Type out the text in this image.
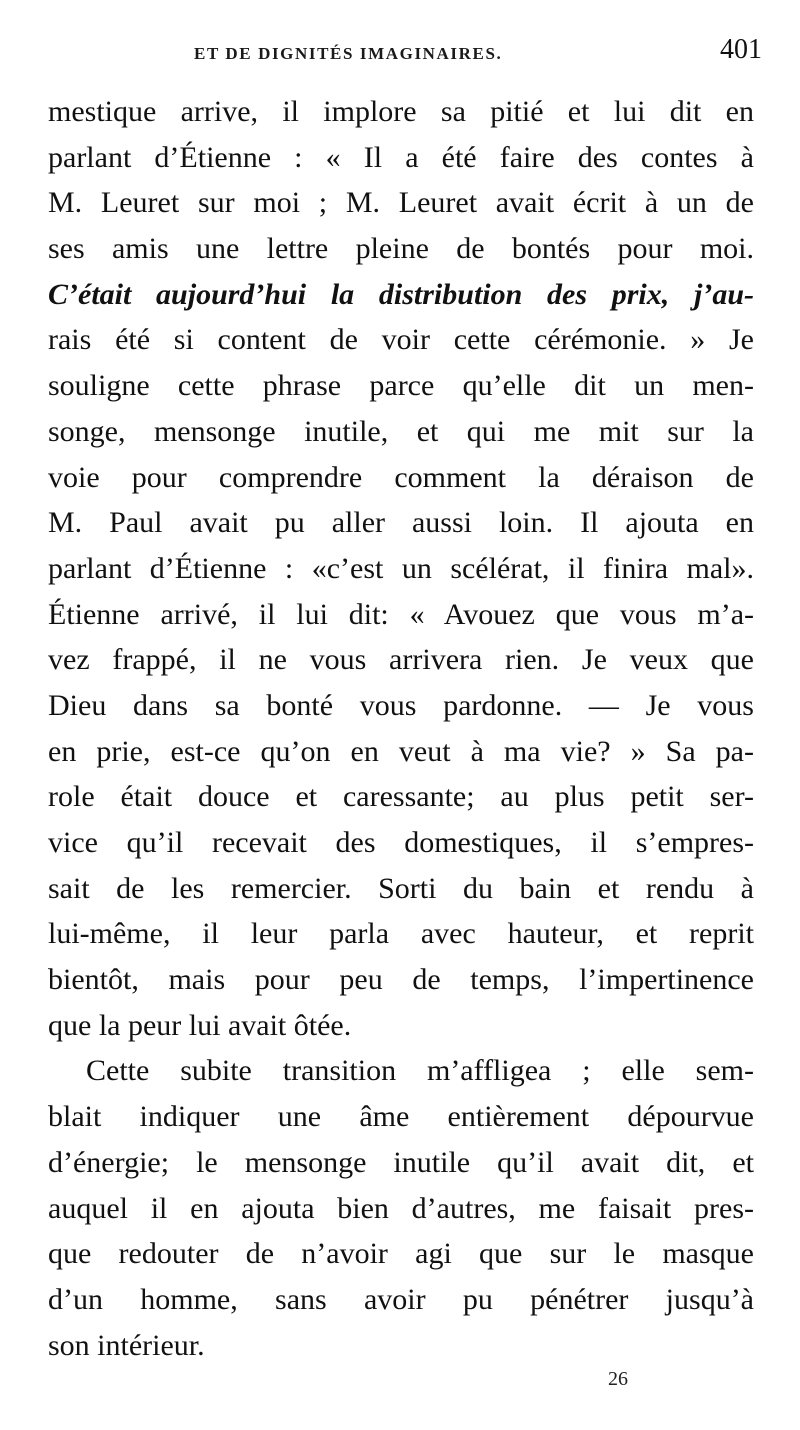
ET DE DIGNITÉS IMAGINAIRES.	401
mestique arrive, il implore sa pitié et lui dit en
parlant d’Étienne : « Il a été faire des contes à
M. Leuret sur moi ; M. Leuret avait écrit à un de
ses amis une lettre pleine de bontés pour moi.
C’était aujourd’hui la distribution des prix, j’au-
rais été si content de voir cette cérémonie. » Je
souligne cette phrase parce qu’elle dit un men-
songe, mensonge inutile, et qui me mit sur la
voie pour comprendre comment la déraison de
M. Paul avait pu aller aussi loin. Il ajouta en
parlant d’Étienne : «c’est un scélérat, il finira mal».
Étienne arrivé, il lui dit: « Avouez que vous m’a-
vez frappé, il ne vous arrivera rien. Je veux que
Dieu dans sa bonté vous pardonne. — Je vous
en prie, est-ce qu’on en veut à ma vie? » Sa pa-
role était douce et caressante; au plus petit ser-
vice qu’il recevait des domestiques, il s’empres-
sait de les remercier. Sorti du bain et rendu à
lui-même, il leur parla avec hauteur, et reprit
bientôt, mais pour peu de temps, l’impertinence
que la peur lui avait ôtée.
Cette subite transition m’affligea ; elle sem-
blait indiquer une âme entièrement dépourvue
d’énergie; le mensonge inutile qu’il avait dit, et
auquel il en ajouta bien d’autres, me faisait pres-
que redouter de n’avoir agi que sur le masque
d’un homme, sans avoir pu pénétrer jusqu’à
son intérieur.
26
